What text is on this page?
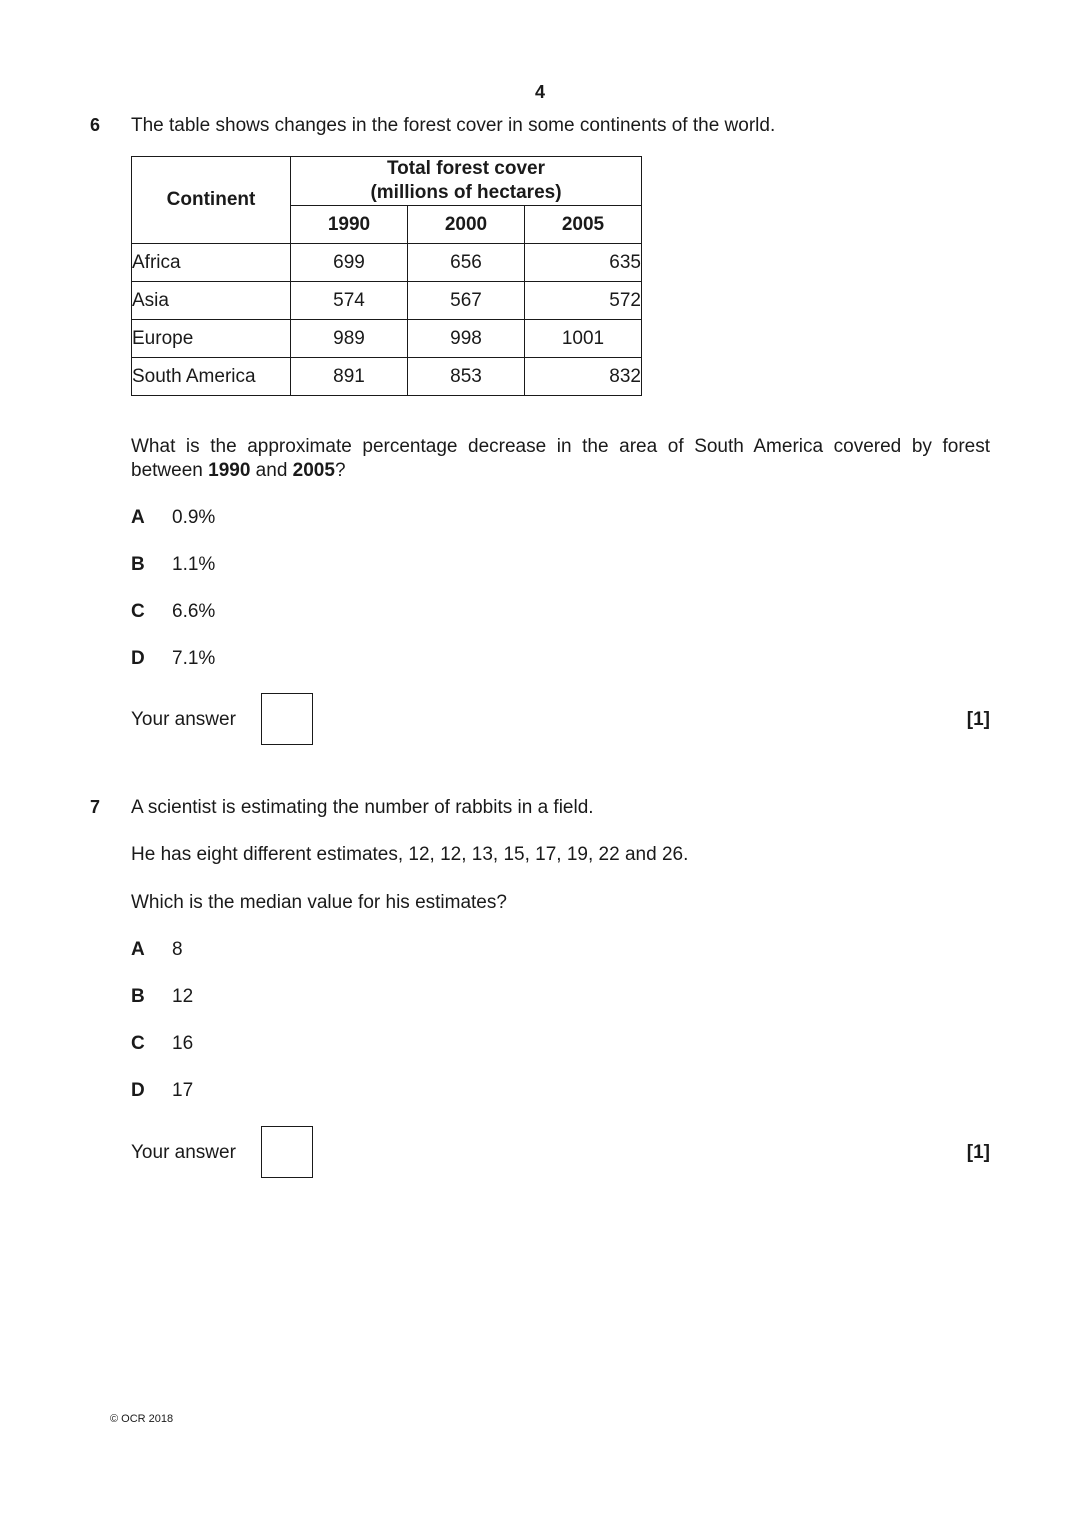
4
6 The table shows changes in the forest cover in some continents of the world.
Continent	Total forest cover
(millions of hectares)		
	1990	2000	2005
Africa	699	656	635
Asia	574	567	572
Europe	989	998	1001
South America	891	853	832
What is the approximate percentage decrease in the area of South America covered by forest between 1990 and 2005?
A 0.9%
B 1.1%
C 6.6%
D 7.1%
Your answer	[1]
7 A scientist is estimating the number of rabbits in a field.
He has eight different estimates, 12, 12, 13, 15, 17, 19, 22 and 26.
Which is the median value for his estimates?
A 8
B 12
C 16
D 17
Your answer	[1]
© OCR 2018
